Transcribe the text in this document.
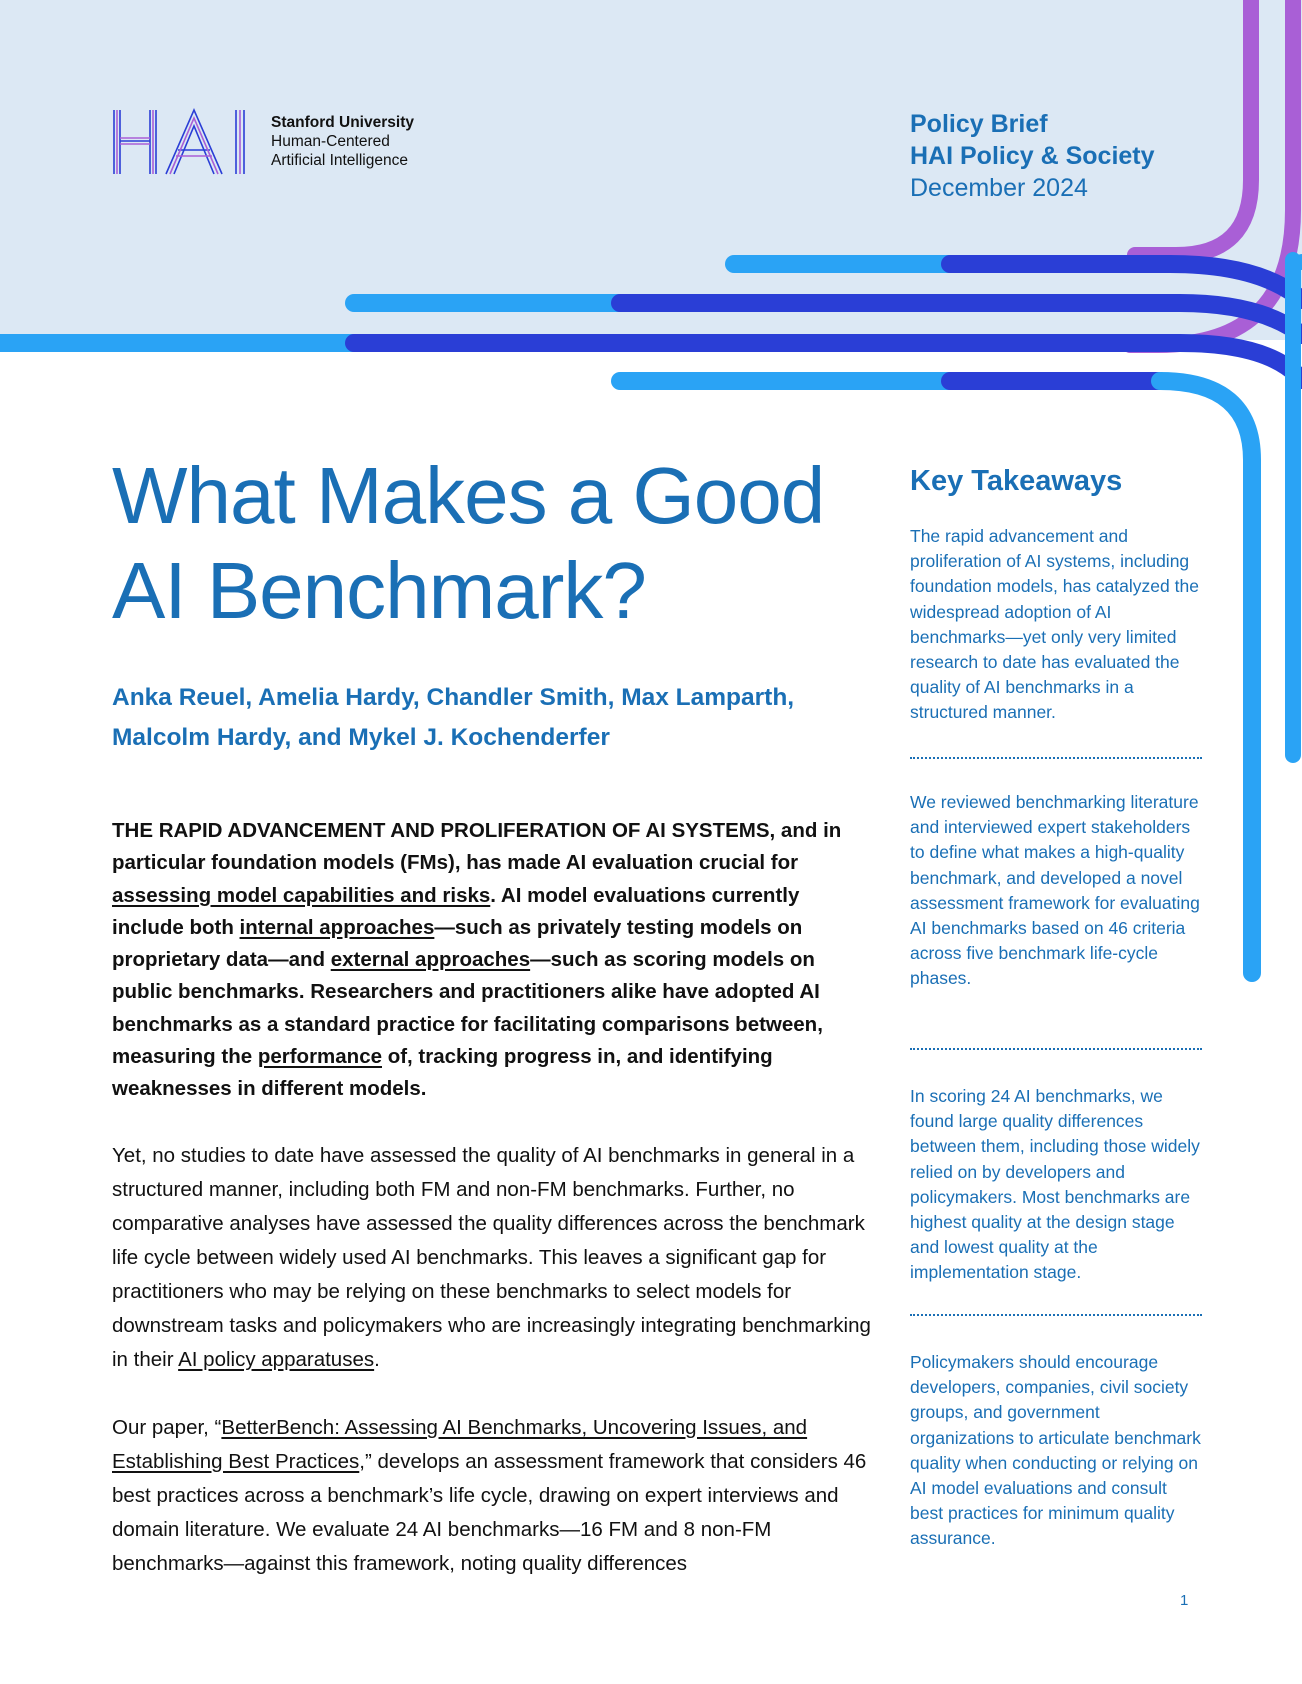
HAI
Stanford University
Human-Centered
Artificial Intelligence
Policy Brief
HAI Policy & Society
December 2024
What Makes a Good
AI Benchmark?
Anka Reuel, Amelia Hardy, Chandler Smith, Max Lamparth,
Malcolm Hardy, and Mykel J. Kochenderfer

THE RAPID ADVANCEMENT AND PROLIFERATION OF AI SYSTEMS, and in particular foundation models (FMs), has made AI evaluation crucial for assessing model capabilities and risks. AI model evaluations currently include both internal approaches—such as privately testing models on proprietary data—and external approaches—such as scoring models on public benchmarks. Researchers and practitioners alike have adopted AI benchmarks as a standard practice for facilitating comparisons between, measuring the performance of, tracking progress in, and identifying weaknesses in different models.

Yet, no studies to date have assessed the quality of AI benchmarks in general in a structured manner, including both FM and non-FM benchmarks. Further, no comparative analyses have assessed the quality differences across the benchmark life cycle between widely used AI benchmarks. This leaves a significant gap for practitioners who may be relying on these benchmarks to select models for downstream tasks and policymakers who are increasingly integrating benchmarking in their AI policy apparatuses.

Our paper, “BetterBench: Assessing AI Benchmarks, Uncovering Issues, and Establishing Best Practices,” develops an assessment framework that considers 46 best practices across a benchmark’s life cycle, drawing on expert interviews and domain literature. We evaluate 24 AI benchmarks—16 FM and 8 non-FM benchmarks—against this framework, noting quality differences

Key Takeaways

The rapid advancement and proliferation of AI systems, including foundation models, has catalyzed the widespread adoption of AI benchmarks—yet only very limited research to date has evaluated the quality of AI benchmarks in a structured manner.

We reviewed benchmarking literature and interviewed expert stakeholders to define what makes a high-quality benchmark, and developed a novel assessment framework for evaluating AI benchmarks based on 46 criteria across five benchmark life-cycle phases.

In scoring 24 AI benchmarks, we found large quality differences between them, including those widely relied on by developers and policymakers. Most benchmarks are highest quality at the design stage and lowest quality at the implementation stage.

Policymakers should encourage developers, companies, civil society groups, and government organizations to articulate benchmark quality when conducting or relying on AI model evaluations and consult best practices for minimum quality assurance.

1
